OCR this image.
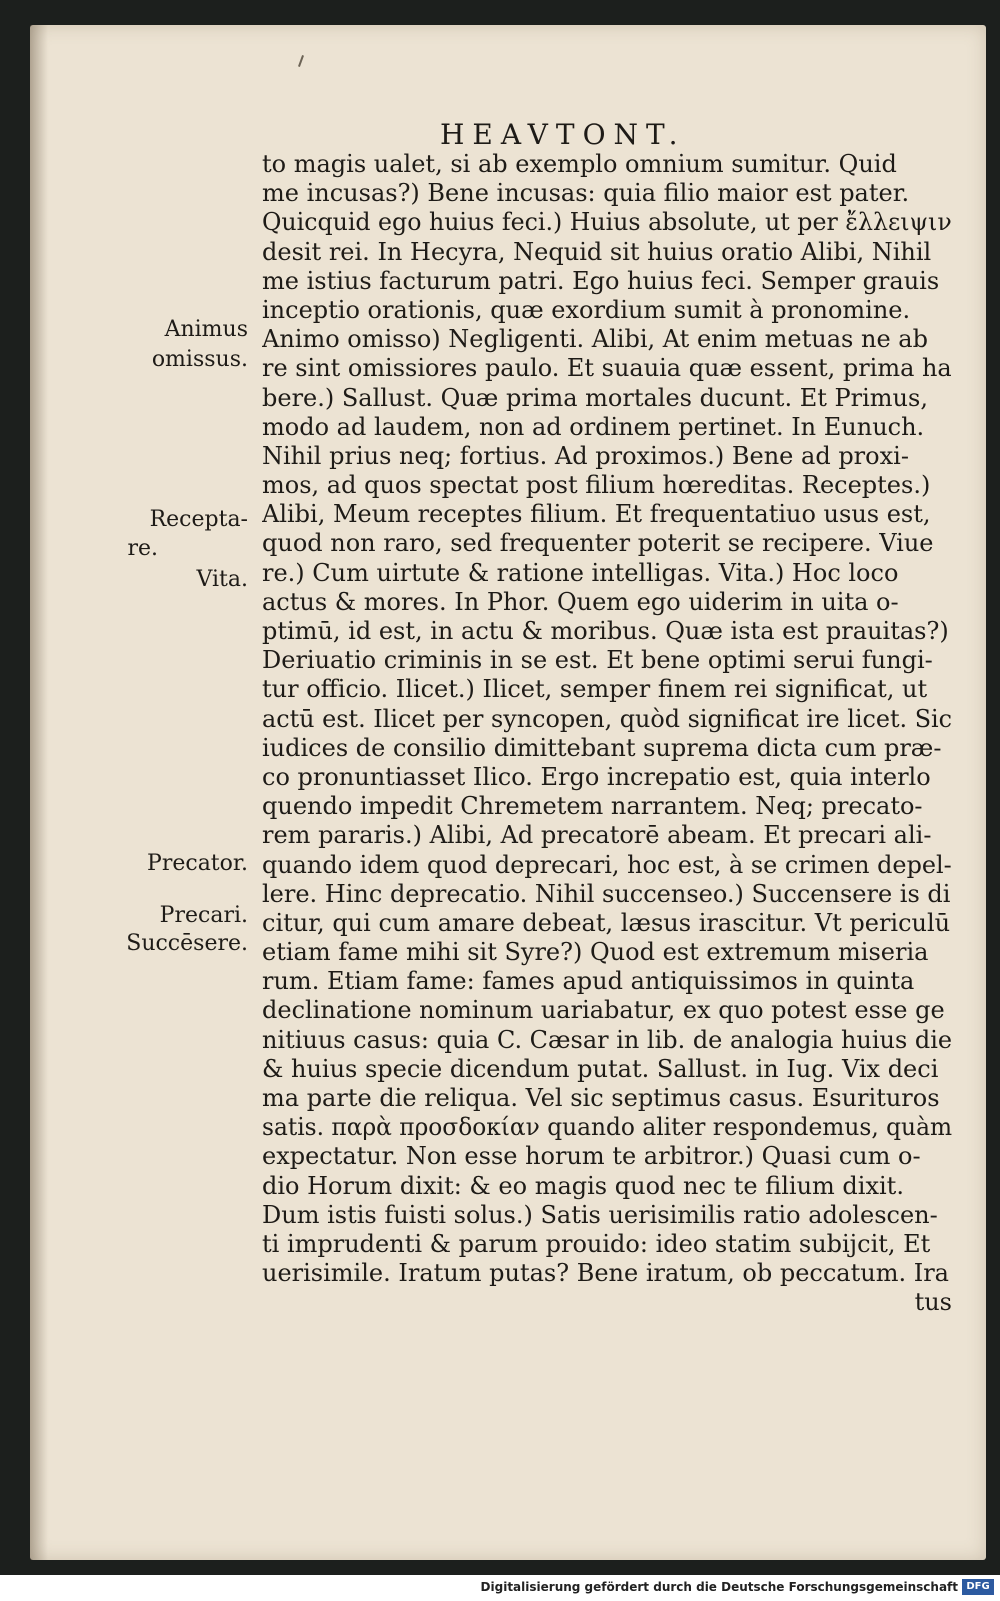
HEAVTONT.
to magis ualet, si ab exemplo omnium sumitur. Quid
me incusas?) Bene incusas: quia filio maior est pater.
Quicquid ego huius feci.) Huius absolute, ut per ἔλλειψιν
desit rei. In Hecyra, Nequid sit huius oratio Alibi, Nihil
me istius facturum patri. Ego huius feci. Semper grauis
inceptio orationis, quæ exordium sumit à pronomine.
Animo omisso) Negligenti. Alibi, At enim metuas ne ab
re sint omissiores paulo. Et suauia quæ essent, prima ha
bere.) Sallust. Quæ prima mortales ducunt. Et Primus,
modo ad laudem, non ad ordinem pertinet. In Eunuch.
Nihil prius neq; fortius. Ad proximos.) Bene ad proxi-
mos, ad quos spectat post filium hœreditas. Receptes.)
Alibi, Meum receptes filium. Et frequentatiuo usus est,
quod non raro, sed frequenter poterit se recipere. Viue
re.) Cum uirtute & ratione intelligas. Vita.) Hoc loco
actus & mores. In Phor. Quem ego uiderim in uita o-
ptimū, id est, in actu & moribus. Quæ ista est prauitas?)
Deriuatio criminis in se est. Et bene optimi serui fungi-
tur officio. Ilicet.) Ilicet, semper finem rei significat, ut
actū est. Ilicet per syncopen, quòd significat ire licet. Sic
iudices de consilio dimittebant suprema dicta cum præ-
co pronuntiasset Ilico. Ergo increpatio est, quia interlo
quendo impedit Chremetem narrantem. Neq; precato-
rem pararis.) Alibi, Ad precatorē abeam. Et precari ali-
quando idem quod deprecari, hoc est, à se crimen depel-
lere. Hinc deprecatio. Nihil succenseo.) Succensere is di
citur, qui cum amare debeat, læsus irascitur. Vt periculū
etiam fame mihi sit Syre?) Quod est extremum miseria
rum. Etiam fame: fames apud antiquissimos in quinta
declinatione nominum uariabatur, ex quo potest esse ge
nitiuus casus: quia C. Cæsar in lib. de analogia huius die
& huius specie dicendum putat. Sallust. in Iug. Vix deci
ma parte die reliqua. Vel sic septimus casus. Esurituros
satis. παρὰ προσδοκίαν quando aliter respondemus, quàm
expectatur. Non esse horum te arbitror.) Quasi cum o-
dio Horum dixit: & eo magis quod nec te filium dixit.
Dum istis fuisti solus.) Satis uerisimilis ratio adolescen-
ti imprudenti & parum prouido: ideo statim subijcit, Et
uerisimile. Iratum putas? Bene iratum, ob peccatum. Ira
tus
Animus
omissus.
Recepta-
re.
Vita.
Precator.
Precari.
Succēsere.
Digitalisierung gefördert durch die Deutsche Forschungsgemeinschaft DFG
